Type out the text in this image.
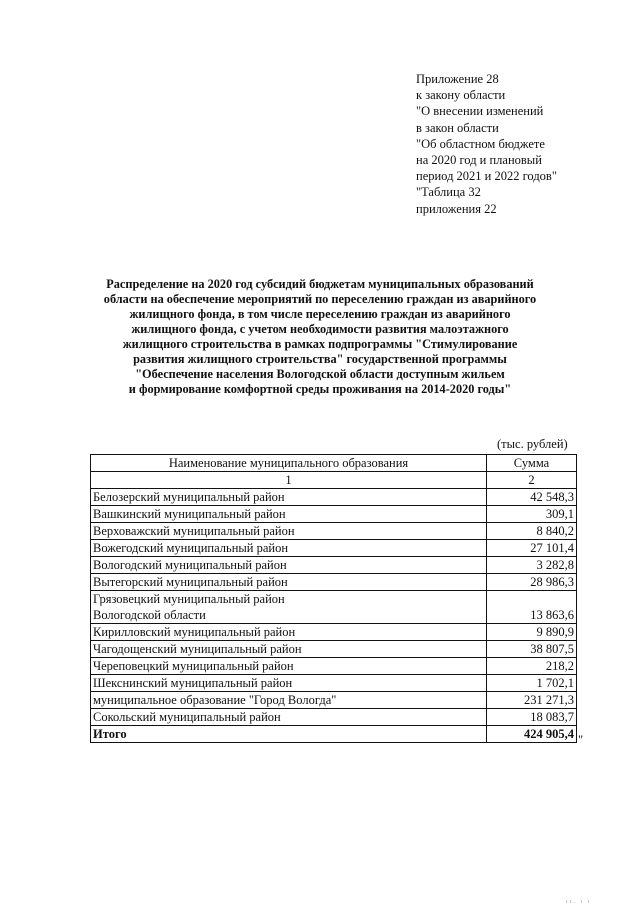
Приложение 28
к закону области
"О внесении изменений
в закон области
"Об областном бюджете
на 2020 год и плановый
период 2021 и 2022 годов"
"Таблица 32
приложения 22
Распределение на 2020 год субсидий бюджетам муниципальных образований
области на обеспечение мероприятий по переселению граждан из аварийного
жилищного фонда, в том числе переселению граждан из аварийного
жилищного фонда, с учетом необходимости развития малоэтажного
жилищного строительства в рамках подпрограммы "Стимулирование
развития жилищного строительства" государственной программы
"Обеспечение населения Вологодской области доступным жильем
и формирование комфортной среды проживания на 2014-2020 годы"
(тыс. рублей)
Наименование муниципального образования	Сумма
1	2
Белозерский муниципальный район	42 548,3
Вашкинский муниципальный район	309,1
Верховажский муниципальный район	8 840,2
Вожегодский муниципальный район	27 101,4
Вологодский муниципальный район	3 282,8
Вытегорский муниципальный район	28 986,3

Грязовецкий муниципальный район
Вологодской области	13 863,6
Кирилловский муниципальный район	9 890,9
Чагодощенский муниципальный район	38 807,5
Череповецкий муниципальный район	218,2
Шекснинский муниципальный район	1 702,1
муниципальное образование "Город Вологда"	231 271,3
Сокольский муниципальный район	18 083,7
Итого	424 905,4 "
ıı. ı ı
